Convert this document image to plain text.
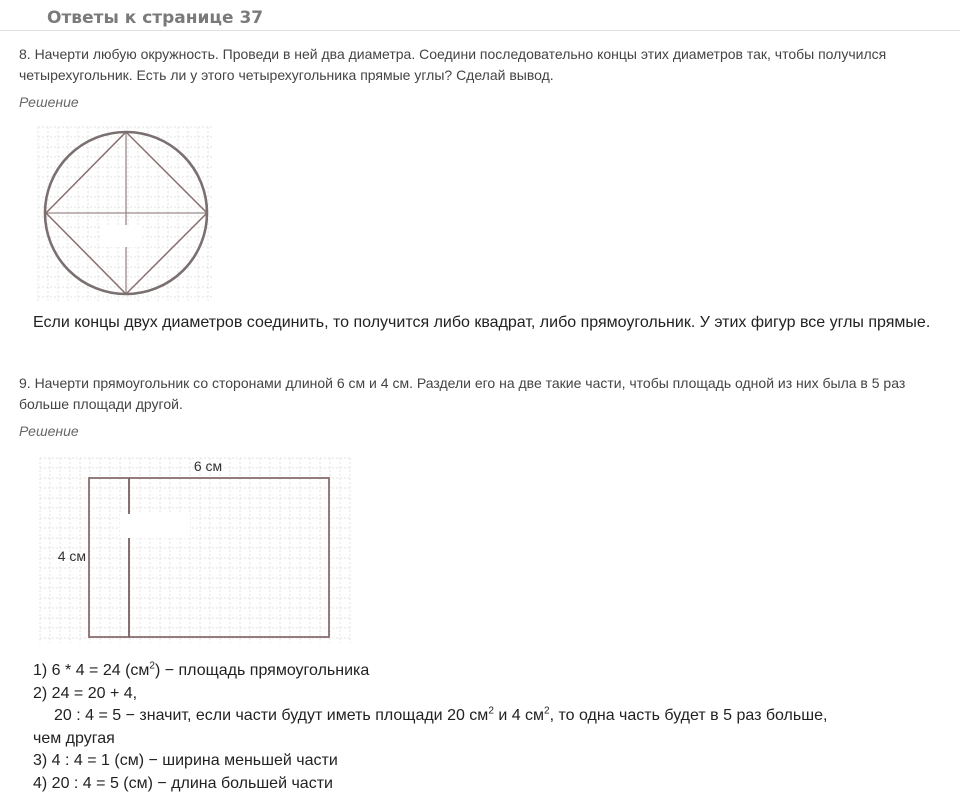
Ответы к странице 37
8. Начерти любую окружность. Проведи в ней два диаметра. Соедини последовательно концы этих диаметров так, чтобы получился четырехугольник. Есть ли у этого четырехугольника прямые углы? Сделай вывод.
Решение
Если концы двух диаметров соединить, то получится либо квадрат, либо прямоугольник. У этих фигур все углы прямые.
9. Начерти прямоугольник со сторонами длиной 6 см и 4 см. Раздели его на две такие части, чтобы площадь одной из них была в 5 раз больше площади другой.
Решение
6 см
4 см
1) 6 * 4 = 24 $(см^2)$ − площадь прямоугольника
2) 24 = 20 + 4,
20 : 4 = 5 − значит, если части будут иметь площади 20 $см^2$ и 4 $см^2$, то одна часть будет в 5 раз больше,
чем другая
3) 4 : 4 = 1 (см) − ширина меньшей части
4) 20 : 4 = 5 (см) − длина большей части
